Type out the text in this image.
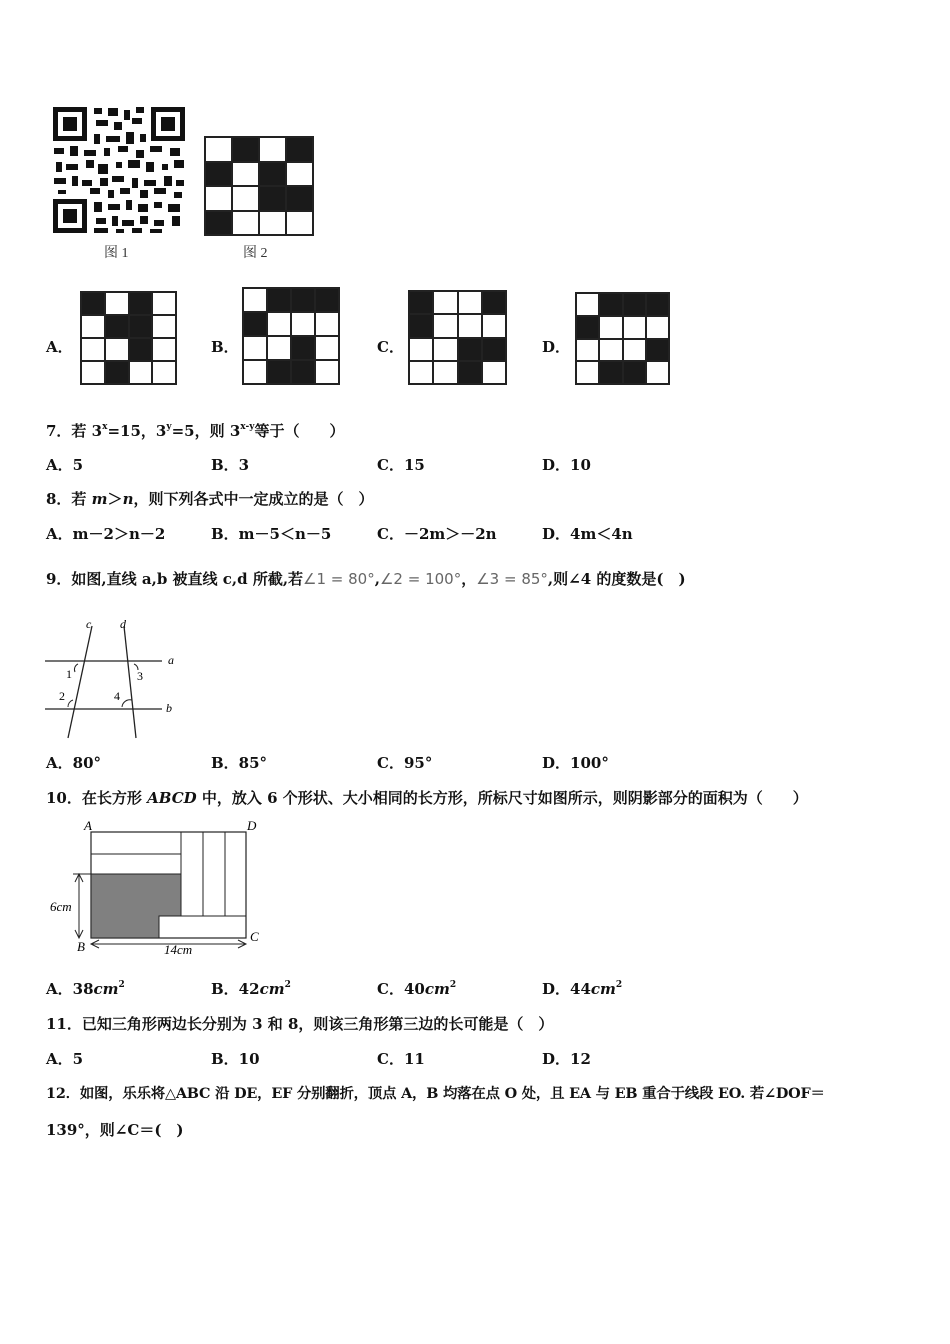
图 1	图 2
A．	B．	C．	D．
7．若 $3^x=15$，$3^y=5$，则 3$^{x-y}$等于（　　）
A．5	B．3	C．15	D．10
8．若 m＞n，则下列各式中一定成立的是（　）
A．m－2＞n－2	B．m－5＜n－5	C．－2m＞－2n	D．4m＜4n
9．如图,直线 a,b 被直线 c,d 所截,若∠1 = 80°,∠2 = 100°，∠3 = 85°,则∠4 的度数是(　)
c d
a
b
1	3
2	4
A．80°	B．85°	C．95°	D．100°
10．在长方形 ABCD 中，放入 6 个形状、大小相同的长方形，所标尺寸如图所示，则阴影部分的面积为（　　）
A	D
B
C
6cm
14cm
A．$38cm^2$	B．$42cm^2$	C．$40cm^2$	D．$44cm^2$
11．已知三角形两边长分别为 3 和 8，则该三角形第三边的长可能是（　）
A．5	B．10	C．11	D．12
12．如图，乐乐将△ABC 沿 DE，EF 分别翻折，顶点 A，B 均落在点 O 处，且 EA 与 EB 重合于线段 EO. 若∠DOF＝
139°，则∠C＝(　)
